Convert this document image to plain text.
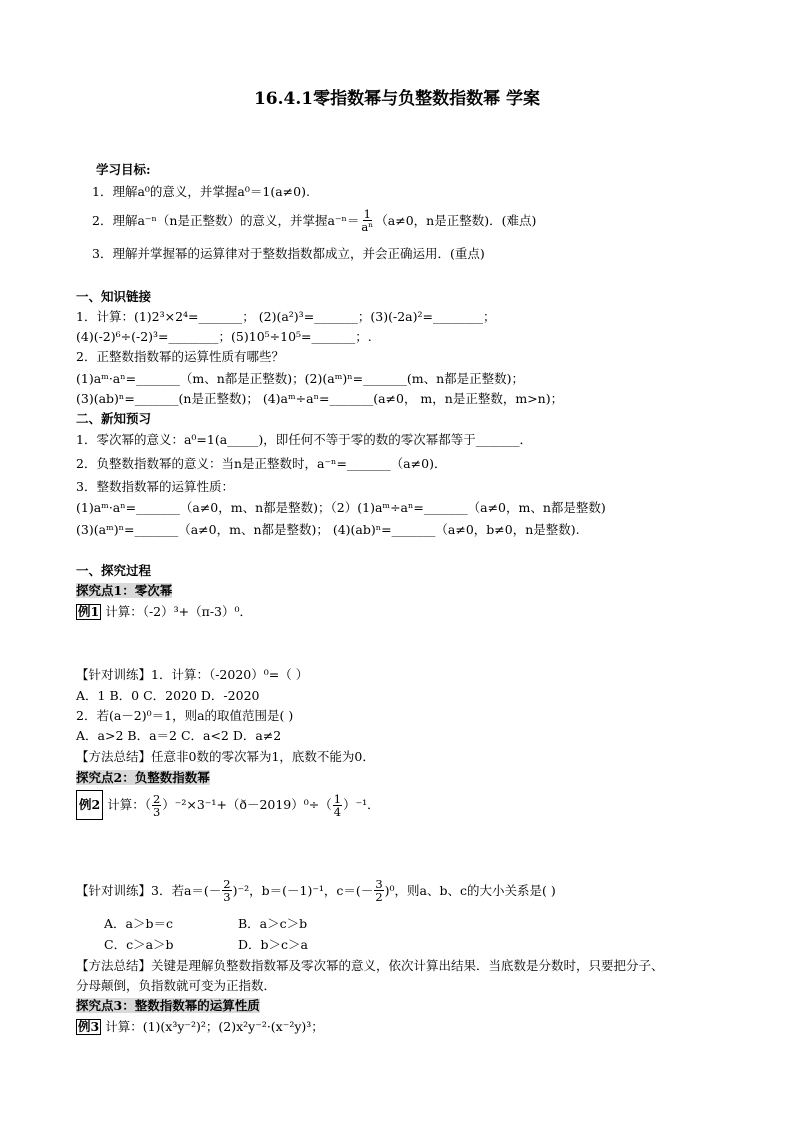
16.4.1零指数幂与负整数指数幂 学案
学习目标:
1．理解a⁰的意义，并掌握a⁰＝1(a≠0).
2．理解a⁻ⁿ（n是正整数）的意义，并掌握$a^{-n}= \frac{1}{\text{aⁿ}} (a\ne 0$，n是正整数)．(难点)
3．理解并掌握幂的运算律对于整数指数都成立，并会正确运用．(重点)
一、知识链接
1．计算：(1)2³×2⁴=_______； (2)(a²)³=_______；(3)(-2a)²=________；
(4)(-2)⁶÷(-2)³=________；(5)10⁵÷10⁵=_______；.
2．正整数指数幂的运算性质有哪些？
(1)aᵐ·aⁿ=_______（m、n都是正整数)；(2)(aᵐ)ⁿ=_______(m、n都是正整数)；
(3)(ab)ⁿ=_______(n是正整数)； (4)aᵐ÷aⁿ=_______(a≠0， m，n是正整数，m>n)；
二、新知预习
1．零次幂的意义：a⁰=1(a_____)，即任何不等于零的数的零次幂都等于_______．
2．负整数指数幂的意义：当n是正整数时，a⁻ⁿ=_______（a≠0)．
3．整数指数幂的运算性质：
(1)aᵐ·aⁿ=_______（a≠0，m、n都是整数)；（2）(1)aᵐ÷aⁿ=_______（a≠0，m、n都是整数)
(3)(aᵐ)ⁿ=_______（a≠0，m、n都是整数)； (4)(ab)ⁿ=_______（a≠0，b≠0，n是整数).
一、探究过程
探究点1：零次幂
例1 计算：（-2）³+（π-3）⁰．
【针对训练】1．计算：（-2020）⁰=（ ）
A．1 B．0 C．2020 D．-2020
2．若(a－2)⁰＝1，则a的取值范围是( )
A．a>2 B．a＝2 C．a<2 D．a≠2
【方法总结】任意非0数的零次幂为1，底数不能为0．
探究点2：负整数指数幂
例2 计算：（ $\frac{2}{3}$ ）⁻²×3⁻¹+（ð－2019）⁰÷（ $\frac{1}{4} )^{-1}$．
【针对训练】3．若$a=(- \frac{2}{3} )^{-2}$，b＝(－1)⁻¹，$c=(- \frac{3}{2} )^0$，则a、b、c的大小关系是( )
A．a＞b＝c	B．a＞c＞b
C．c＞a＞b	D．b＞c＞a
【方法总结】关键是理解负整数指数幂及零次幂的意义，依次计算出结果．当底数是分数时，只要把分子、
分母颠倒，负指数就可变为正指数．
探究点3：整数指数幂的运算性质
例3 计算：(1)(x³y⁻²)²；(2)x²y⁻²·(x⁻²y)³；
